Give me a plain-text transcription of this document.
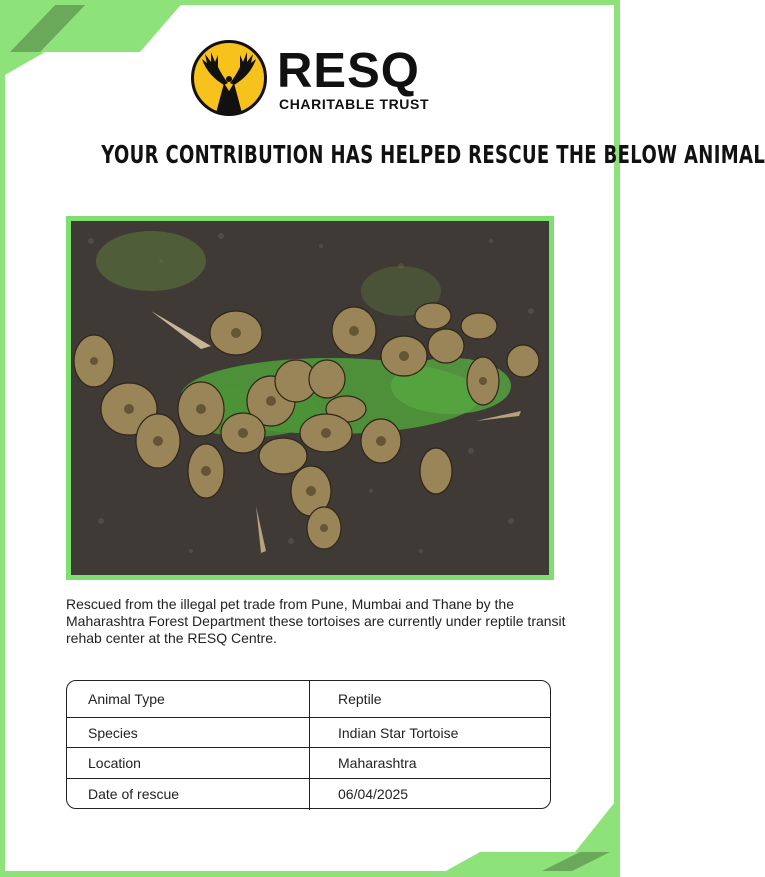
RESQ
CHARITABLE TRUST
YOUR CONTRIBUTION HAS HELPED RESCUE THE BELOW ANIMAL
Rescued from the illegal pet trade from Pune, Mumbai and Thane by the Maharashtra Forest Department these tortoises are currently under reptile transit rehab center at the RESQ Centre.
Animal Type	Reptile
Species	Indian Star Tortoise
Location	Maharashtra
Date of rescue	06/04/2025
